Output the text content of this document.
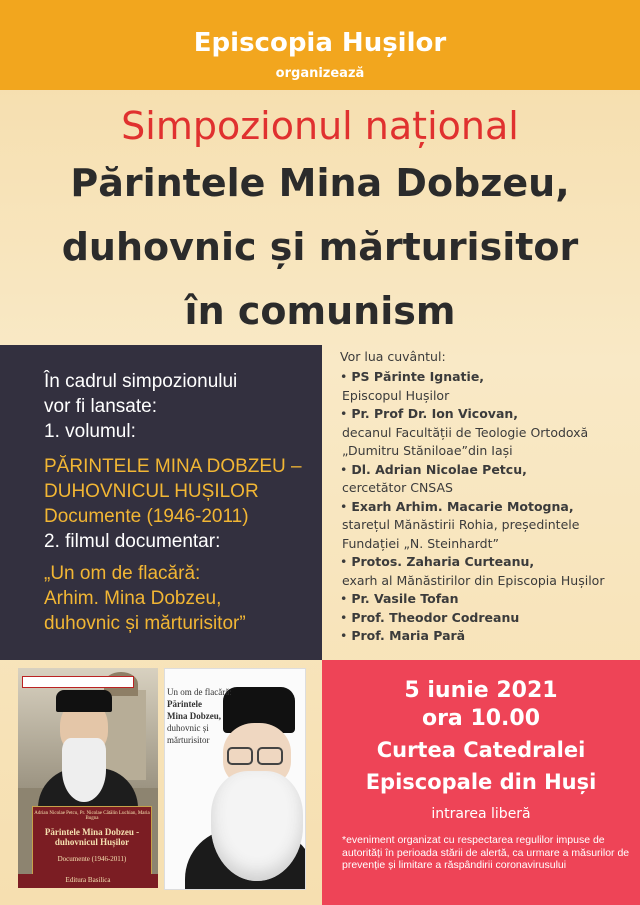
Episcopia Hușilor
organizează
Simpozionul național
Părintele Mina Dobzeu,
duhovnic și mărturisitor
în comunism
În cadrul simpozionului
vor fi lansate:
1. volumul:
PĂRINTELE MINA DOBZEU –
DUHOVNICUL HUȘILOR
Documente (1946-2011)
2. filmul documentar:
„Un om de flacără:
Arhim. Mina Dobzeu,
duhovnic și mărturisitor”
Vor lua cuvântul:
• PS Părinte Ignatie,
Episcopul Hușilor
• Pr. Prof Dr. Ion Vicovan,
decanul Facultății de Teologie Ortodoxă „Dumitru Stăniloae”din Iași
• Dl. Adrian Nicolae Petcu,
cercetător CNSAS
• Exarh Arhim. Macarie Motogna,
starețul Mănăstirii Rohia, președintele Fundației „N. Steinhardt”
• Protos. Zaharia Curteanu,
exarh al Mănăstirilor din Episcopia Hușilor
• Pr. Vasile Tofan
• Prof. Theodor Codreanu
• Prof. Maria Pară
Adrian Nicolae Petcu, Pr. Nicolae Cătălin Luchian, Maria Bugna
Părintele Mina Dobzeu - duhovnicul Hușilor
Documente (1946-2011)
Editura Basilica
Un om de flacără:
Părintele
Mina Dobzeu,
duhovnic și
mărturisitor
5 iunie 2021
ora 10.00
Curtea Catedralei
Episcopale din Huși
intrarea liberă
*eveniment organizat cu respectarea regulilor impuse de autorități în perioada stării de alertă, ca urmare a măsurilor de prevenție și limitare a răspândirii coronavirusului
